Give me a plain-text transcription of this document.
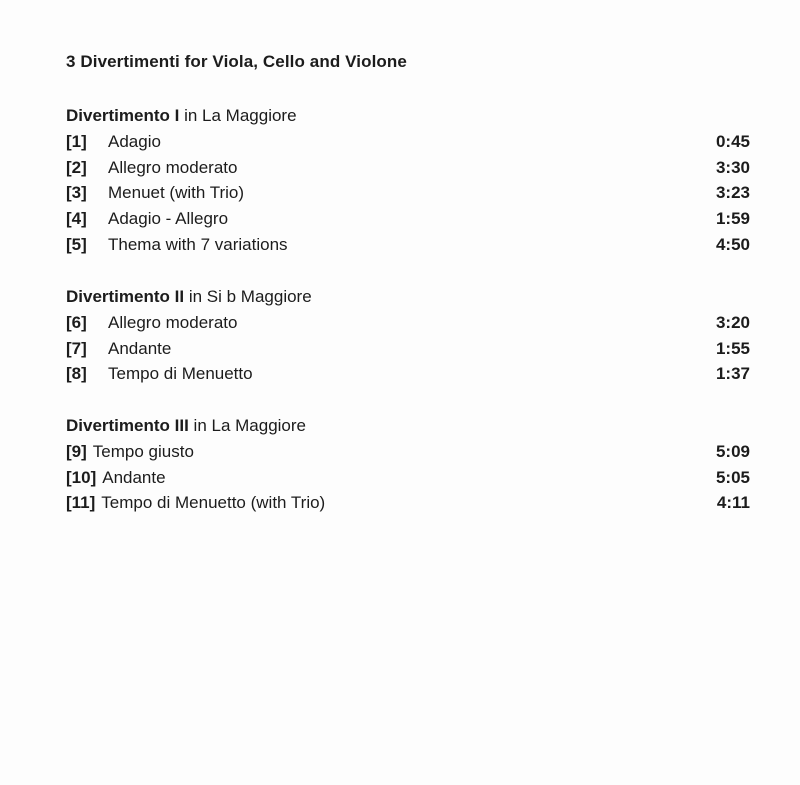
3 Divertimenti for Viola, Cello and Violone
Divertimento I in La Maggiore
[1] Adagio	0:45
[2] Allegro moderato	3:30
[3] Menuet (with Trio)	3:23
[4] Adagio - Allegro	1:59
[5] Thema with 7 variations	4:50
Divertimento II in Si b Maggiore
[6] Allegro moderato	3:20
[7] Andante	1:55
[8] Tempo di Menuetto	1:37
Divertimento III in La Maggiore
[9] Tempo giusto	5:09
[10] Andante	5:05
[11] Tempo di Menuetto (with Trio)	4:11
